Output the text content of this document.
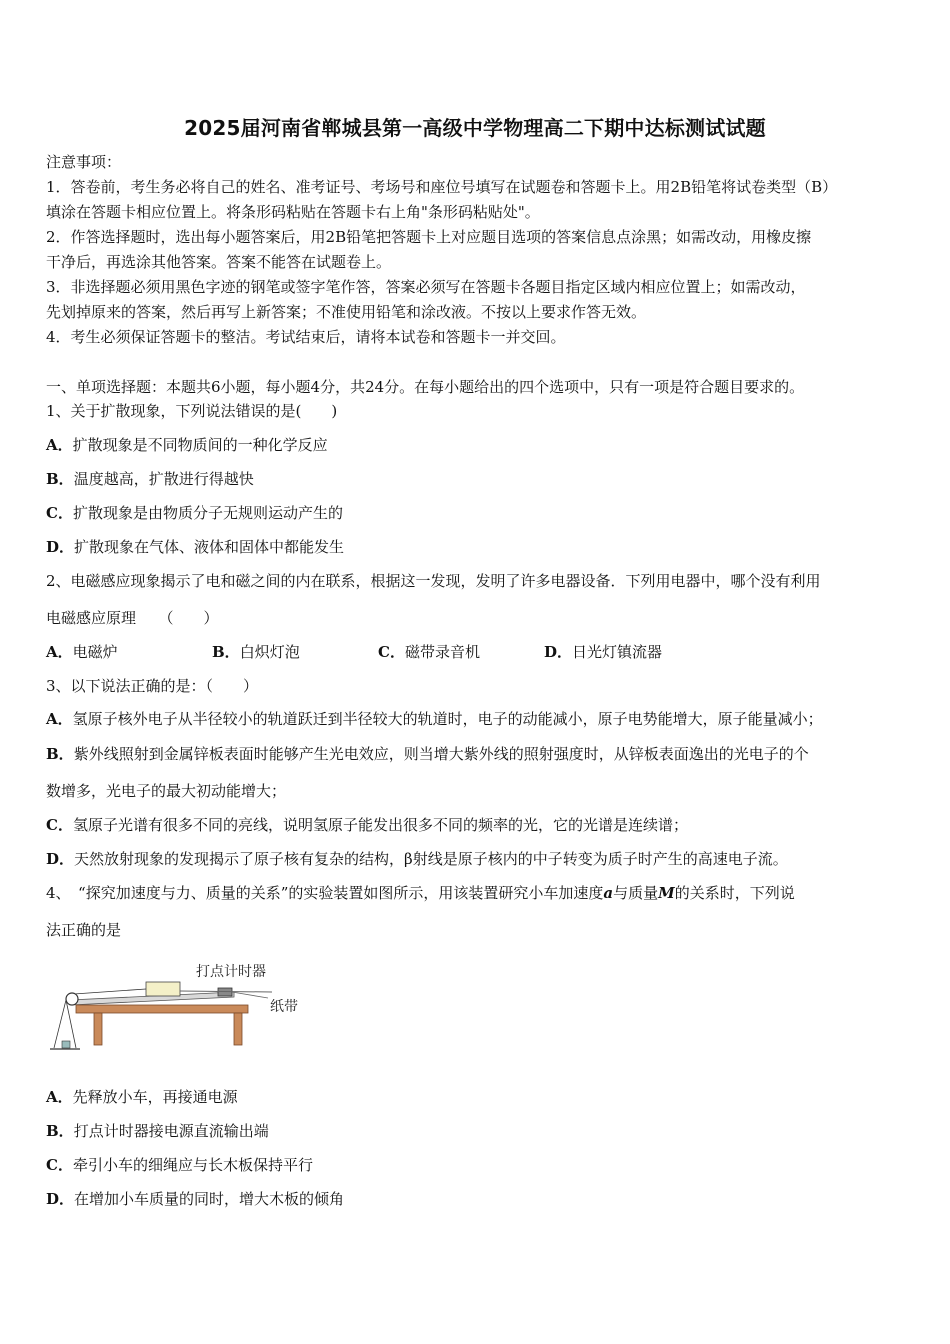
2025届河南省郸城县第一高级中学物理高二下期中达标测试试题
注意事项：
1．答卷前，考生务必将自己的姓名、准考证号、考场号和座位号填写在试题卷和答题卡上。用2B铅笔将试卷类型（B）
填涂在答题卡相应位置上。将条形码粘贴在答题卡右上角"条形码粘贴处"。
2．作答选择题时，选出每小题答案后，用2B铅笔把答题卡上对应题目选项的答案信息点涂黑；如需改动，用橡皮擦
干净后，再选涂其他答案。答案不能答在试题卷上。
3．非选择题必须用黑色字迹的钢笔或签字笔作答，答案必须写在答题卡各题目指定区域内相应位置上；如需改动，
先划掉原来的答案，然后再写上新答案；不准使用铅笔和涂改液。不按以上要求作答无效。
4．考生必须保证答题卡的整洁。考试结束后，请将本试卷和答题卡一并交回。
一、单项选择题：本题共6小题，每小题4分，共24分。在每小题给出的四个选项中，只有一项是符合题目要求的。
1、关于扩散现象，下列说法错误的是(　　)
A．扩散现象是不同物质间的一种化学反应
B．温度越高，扩散进行得越快
C．扩散现象是由物质分子无规则运动产生的
D．扩散现象在气体、液体和固体中都能发生
2、电磁感应现象揭示了电和磁之间的内在联系，根据这一发现，发明了许多电器设备．下列用电器中，哪个没有利用
电磁感应原理　　（　　）
A．电磁炉	B．白炽灯泡	C．磁带录音机	D．日光灯镇流器
3、以下说法正确的是：（　　）
A．氢原子核外电子从半径较小的轨道跃迁到半径较大的轨道时，电子的动能减小，原子电势能增大，原子能量减小；
B．紫外线照射到金属锌板表面时能够产生光电效应，则当增大紫外线的照射强度时，从锌板表面逸出的光电子的个
数增多，光电子的最大初动能增大；
C．氢原子光谱有很多不同的亮线，说明氢原子能发出很多不同的频率的光，它的光谱是连续谱；
D．天然放射现象的发现揭示了原子核有复杂的结构，β射线是原子核内的中子转变为质子时产生的高速电子流。
4、　“探究加速度与力、质量的关系”的实验装置如图所示，用该装置研究小车加速度a与质量M的关系时，下列说
法正确的是
打点计时器
纸带
A．先释放小车，再接通电源
B．打点计时器接电源直流输出端
C．牵引小车的细绳应与长木板保持平行
D．在增加小车质量的同时，增大木板的倾角
